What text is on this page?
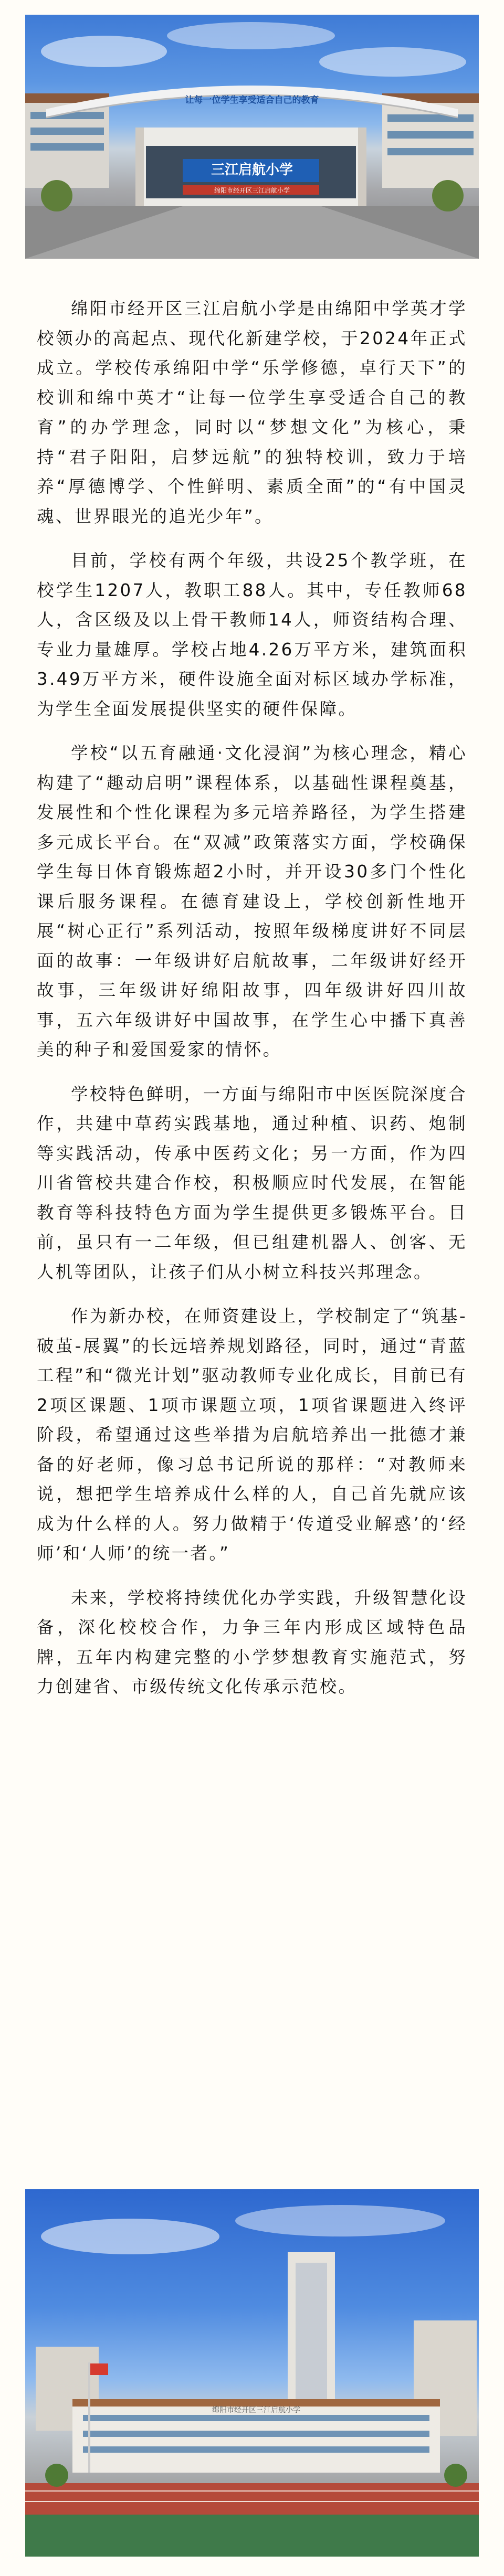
让每一位学生享受适合自己的教育
三江启航小学
绵阳市经开区三江启航小学

绵阳市经开区三江启航小学是由绵阳中学英才学校领办的高起点、现代化新建学校，于2024年正式成立。学校传承绵阳中学“乐学修德，卓行天下”的校训和绵中英才“让每一位学生享受适合自己的教育”的办学理念，同时以“梦想文化”为核心，秉持“君子阳阳，启梦远航”的独特校训，致力于培养“厚德博学、个性鲜明、素质全面”的“有中国灵魂、世界眼光的追光少年”。

目前，学校有两个年级，共设25个教学班，在校学生1207人，教职工88人。其中，专任教师68人，含区级及以上骨干教师14人，师资结构合理、专业力量雄厚。学校占地4.26万平方米，建筑面积3.49万平方米，硬件设施全面对标区域办学标准，为学生全面发展提供坚实的硬件保障。

学校“以五育融通·文化浸润”为核心理念，精心构建了“趣动启明”课程体系，以基础性课程奠基，发展性和个性化课程为多元培养路径，为学生搭建多元成长平台。在“双减”政策落实方面，学校确保学生每日体育锻炼超2小时，并开设30多门个性化课后服务课程。在德育建设上，学校创新性地开展“树心正行”系列活动，按照年级梯度讲好不同层面的故事：一年级讲好启航故事，二年级讲好经开故事，三年级讲好绵阳故事，四年级讲好四川故事，五六年级讲好中国故事，在学生心中播下真善美的种子和爱国爱家的情怀。

学校特色鲜明，一方面与绵阳市中医医院深度合作，共建中草药实践基地，通过种植、识药、炮制等实践活动，传承中医药文化；另一方面，作为四川省管校共建合作校，积极顺应时代发展，在智能教育等科技特色方面为学生提供更多锻炼平台。目前，虽只有一二年级，但已组建机器人、创客、无人机等团队，让孩子们从小树立科技兴邦理念。

作为新办校，在师资建设上，学校制定了“筑基-破茧-展翼”的长远培养规划路径，同时，通过“青蓝工程”和“微光计划”驱动教师专业化成长，目前已有2项区课题、1项市课题立项，1项省课题进入终评阶段，希望通过这些举措为启航培养出一批德才兼备的好老师，像习总书记所说的那样：“对教师来说，想把学生培养成什么样的人，自己首先就应该成为什么样的人。努力做精于‘传道受业解惑’的‘经师’和‘人师’的统一者。”

未来，学校将持续优化办学实践，升级智慧化设备，深化校校合作，力争三年内形成区域特色品牌，五年内构建完整的小学梦想教育实施范式，努力创建省、市级传统文化传承示范校。

绵阳市经开区三江启航小学
